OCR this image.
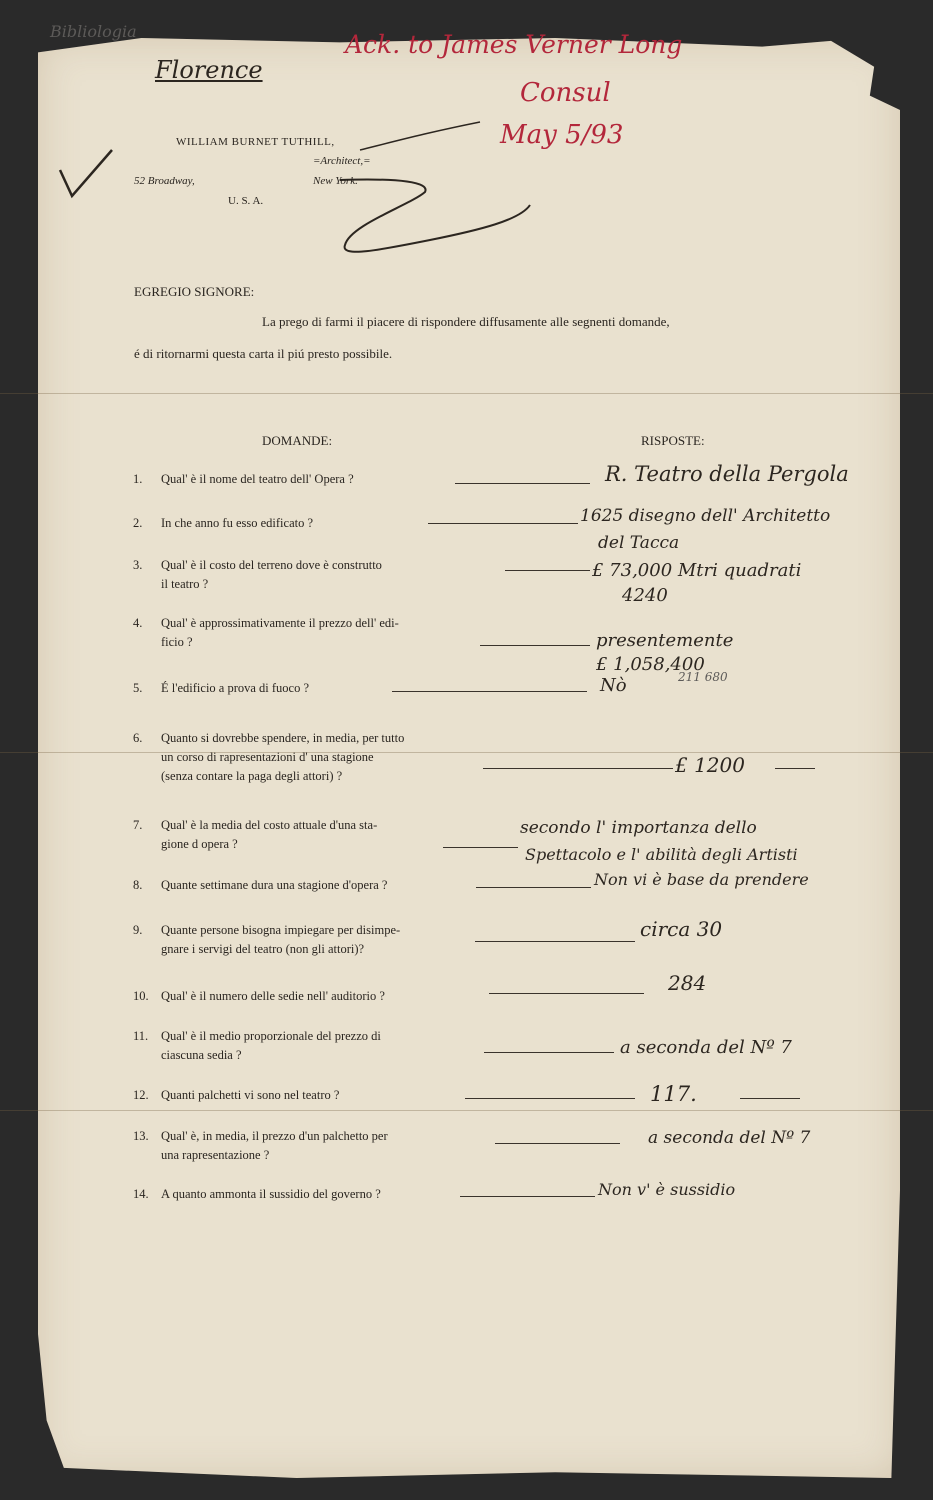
Bibliologia
Florence
Ack. to James Verner Long
Consul
May 5/93
WILLIAM BURNET TUTHILL,
=Architect,=
52 Broadway,	New York.
U. S. A.
EGREGIO SIGNORE:
La prego di farmi il piacere di rispondere diffusamente alle segnenti domande,
é di ritornarmi questa carta il piú presto possibile.
DOMANDE:	RISPOSTE:
1. Qual' è il nome del teatro dell' Opera ?	R. Teatro della Pergola
2. In che anno fu esso edificato ?	1625 disegno dell' Architetto
del Tacca
3. Qual' è il costo del terreno dove è construtto
il teatro ?
£ 73,000 Mtri quadrati
4240
4. Qual' è approssimativamente il prezzo dell' edi-
ficio ?	presentemente
£ 1,058,400
211 680
5. É l'edificio a prova di fuoco ?	Nò
6. Quanto si dovrebbe spendere, in media, per tutto
un corso di rapresentazioni d' una stagione
(senza contare la paga degli attori) ?	£ 1200
7. Qual' è la media del costo attuale d'una sta-
gione d opera ?
secondo l' importanza dello
Spettacolo e l' abilità degli Artisti
8. Quante settimane dura una stagione d'opera ?	Non vi è base da prendere
9. Quante persone bisogna impiegare per disimpe-
gnare i servigi del teatro (non gli attori)?
circa 30
10. Qual' è il numero delle sedie nell' auditorio ?
284
11. Qual' è il medio proporzionale del prezzo di
ciascuna sedia ?	a seconda del Nº 7
12. Quanti palchetti vi sono nel teatro ?	117.
13. Qual' è, in media, il prezzo d'un palchetto per
una rapresentazione ?
a seconda del Nº 7
14. A quanto ammonta il sussidio del governo ?	Non v' è sussidio
